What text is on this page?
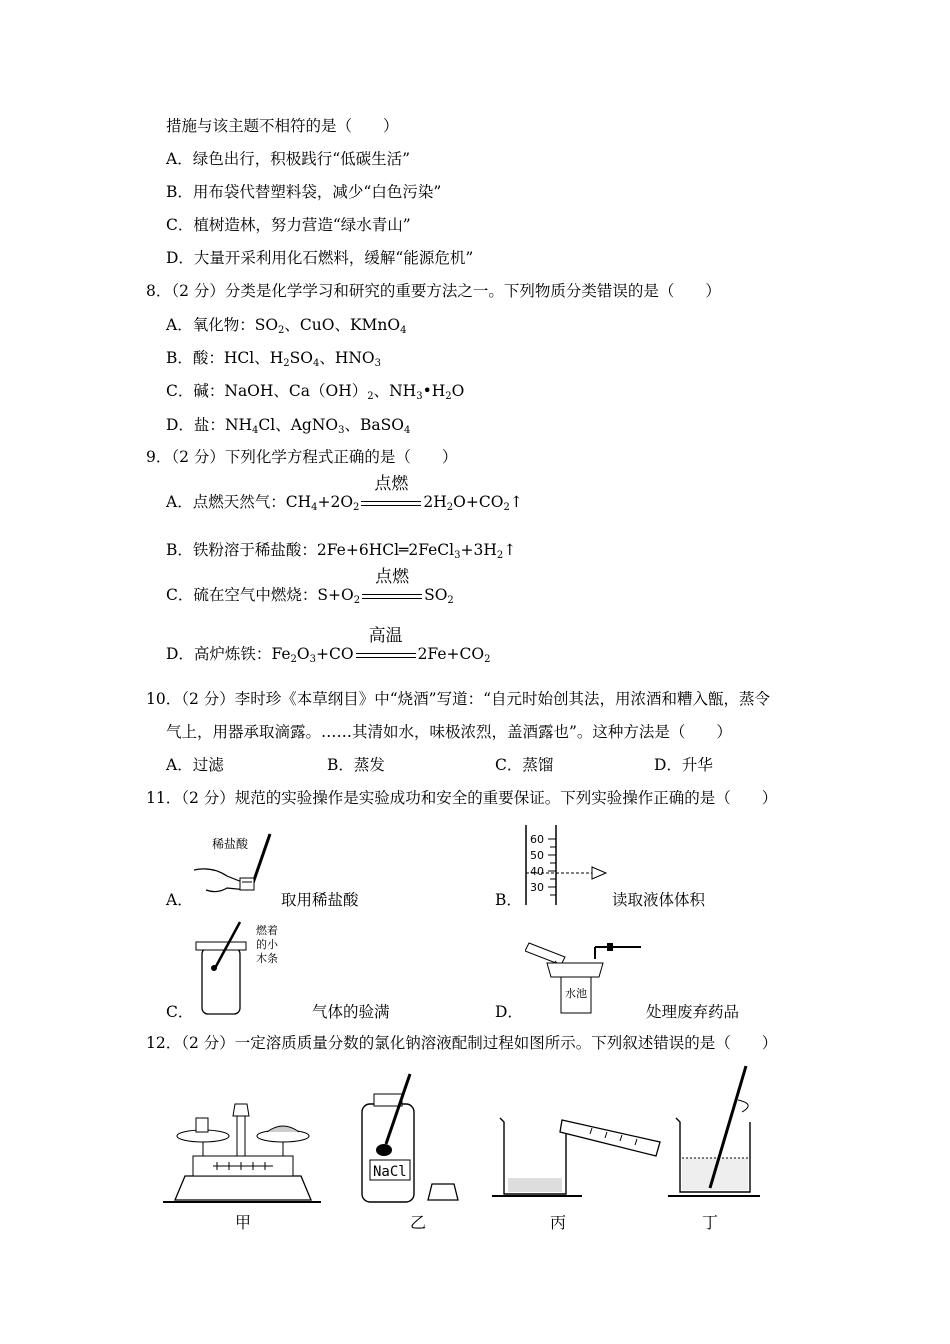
措施与该主题不相符的是（　　）
A．绿色出行，积极践行“低碳生活”
B．用布袋代替塑料袋，减少“白色污染”
C．植树造林，努力营造“绿水青山”
D．大量开采利用化石燃料，缓解“能源危机”
8．（2 分）分类是化学学习和研究的重要方法之一。下列物质分类错误的是（　　）
A．氧化物：$SO_2$、CuO、KMnO$_4$
B．酸：HCl、$H_2SO_4$、$HNO_3$
C．碱：NaOH、$Ca(OH)_2$、$NH_3•H_2O$
D．盐：$NH_4Cl$、AgNO$_3$、BaSO$_4$
9．（2 分）下列化学方程式正确的是（　　）
A．点燃天然气：$CH_4+2O_2$
点燃
$2H_2O+CO_2↑$
B．铁粉溶于稀盐酸：$2Fe+6HCl═2FeCl_3+3H_2↑$
C．硫在空气中燃烧：$S+O_2$
点燃
$SO_2$
D．高炉炼铁：$Fe_2O_3+CO$
高温
$2Fe+CO_2$
10．（2 分）李时珍《本草纲目》中“烧酒”写道：“自元时始创其法，用浓酒和糟入甑，蒸令
气上，用器承取滴露。……其清如水，味极浓烈，盖酒露也”。这种方法是（　　）
A．过滤	B．蒸发	C．蒸馏	D．升华
11．（2 分）规范的实验操作是实验成功和安全的重要保证。下列实验操作正确的是（　　）
A．
稀盐酸
取用稀盐酸	B．
60
50
40
30
读取液体体积
C．
燃着
的小
木条
气体的验满	D．
水池
处理废弃药品
12．（2 分）一定溶质质量分数的氯化钠溶液配制过程如图所示。下列叙述错误的是（　　）
甲
NaCl
乙	丙	丁
